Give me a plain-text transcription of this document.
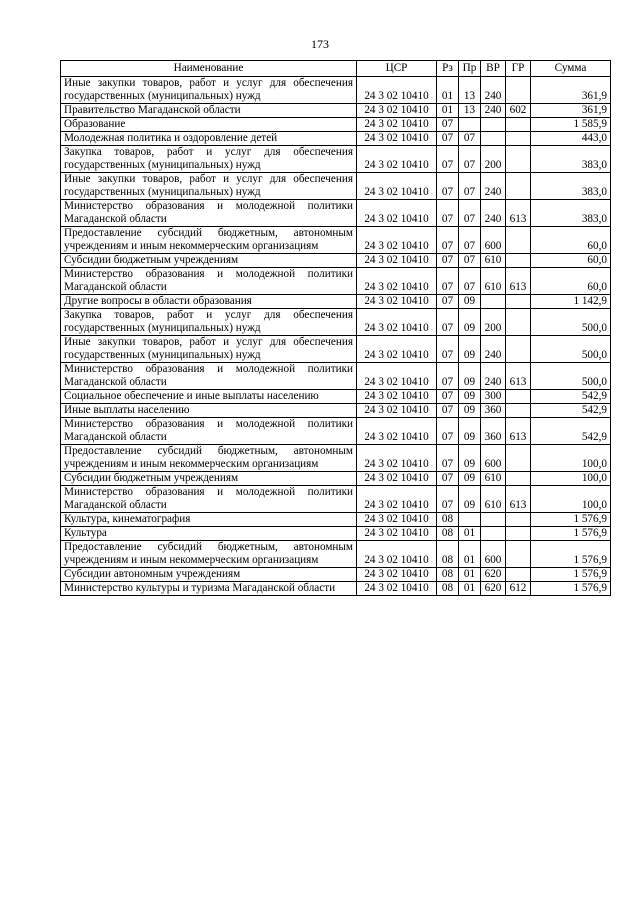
173
Наименование	ЦСР	Рз	Пр	ВР	ГР	Сумма
Иные закупки товаров, работ и услуг для обеспечения государственных (муниципальных) нужд	24 3 02 10410	01	13	240		361,9
Правительство Магаданской области	24 3 02 10410	01	13	240	602	361,9
Образование	24 3 02 10410	07				1 585,9
Молодежная политика и оздоровление детей	24 3 02 10410	07	07			443,0
Закупка товаров, работ и услуг для обеспечения государственных (муниципальных) нужд	24 3 02 10410	07	07	200		383,0
Иные закупки товаров, работ и услуг для обеспечения государственных (муниципальных) нужд	24 3 02 10410	07	07	240		383,0
Министерство образования и молодежной политики Магаданской области	24 3 02 10410	07	07	240	613	383,0
Предоставление субсидий бюджетным, автономным учреждениям и иным некоммерческим организациям	24 3 02 10410	07	07	600		60,0
Субсидии бюджетным учреждениям	24 3 02 10410	07	07	610		60,0
Министерство образования и молодежной политики Магаданской области	24 3 02 10410	07	07	610	613	60,0
Другие вопросы в области образования	24 3 02 10410	07	09			1 142,9
Закупка товаров, работ и услуг для обеспечения государственных (муниципальных) нужд	24 3 02 10410	07	09	200		500,0
Иные закупки товаров, работ и услуг для обеспечения государственных (муниципальных) нужд	24 3 02 10410	07	09	240		500,0
Министерство образования и молодежной политики Магаданской области	24 3 02 10410	07	09	240	613	500,0
Социальное обеспечение и иные выплаты населению	24 3 02 10410	07	09	300		542,9
Иные выплаты населению	24 3 02 10410	07	09	360		542,9
Министерство образования и молодежной политики Магаданской области	24 3 02 10410	07	09	360	613	542,9
Предоставление субсидий бюджетным, автономным учреждениям и иным некоммерческим организациям	24 3 02 10410	07	09	600		100,0
Субсидии бюджетным учреждениям	24 3 02 10410	07	09	610		100,0
Министерство образования и молодежной политики Магаданской области	24 3 02 10410	07	09	610	613	100,0
Культура, кинематография	24 3 02 10410	08				1 576,9
Культура	24 3 02 10410	08	01			1 576,9
Предоставление субсидий бюджетным, автономным учреждениям и иным некоммерческим организациям	24 3 02 10410	08	01	600		1 576,9
Субсидии автономным учреждениям	24 3 02 10410	08	01	620		1 576,9
Министерство культуры и туризма Магаданской области	24 3 02 10410	08	01	620	612	1 576,9
